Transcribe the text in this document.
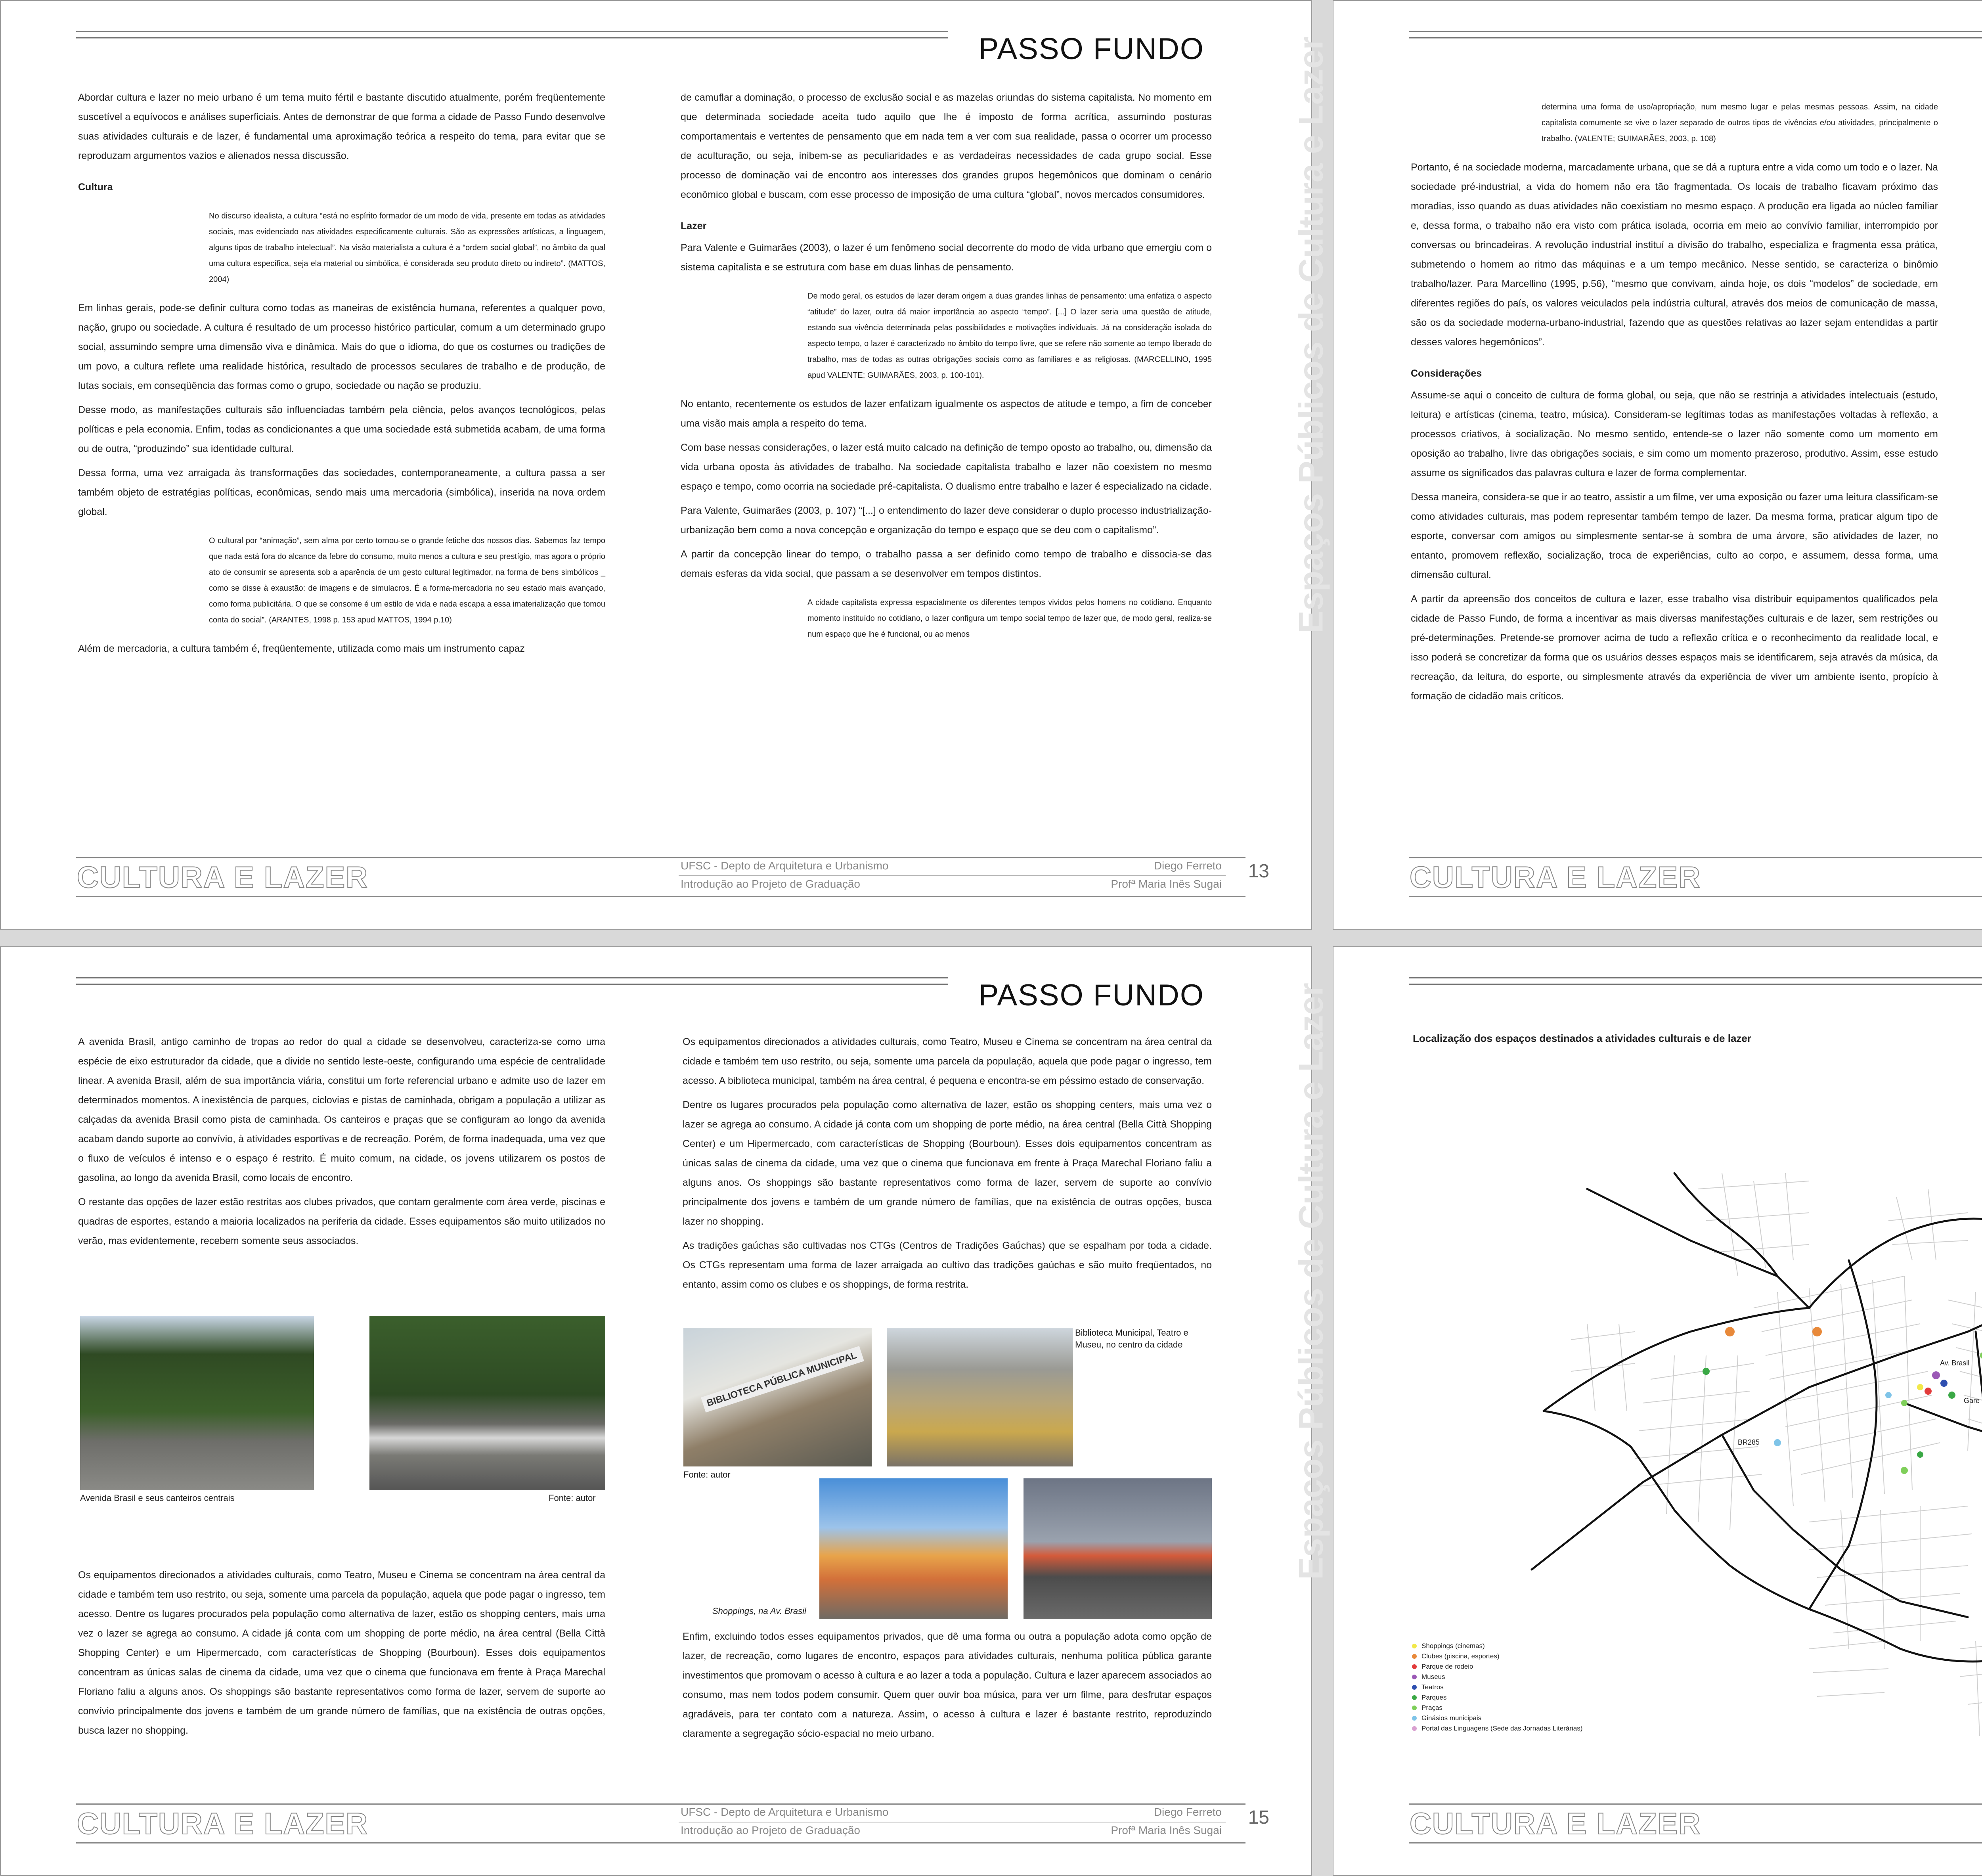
PASSO FUNDO	Espaços Públicos de Cultura e Lazer

Abordar cultura e lazer no meio urbano é um tema muito fértil e bastante discutido atualmente, porém freqüentemente suscetível a equívocos e análises superficiais. Antes de demonstrar de que forma a cidade de Passo Fundo desenvolve suas atividades culturais e de lazer, é fundamental uma aproximação teórica a respeito do tema, para evitar que se reproduzam argumentos vazios e alienados nessa discussão.

Cultura

No discurso idealista, a cultura “está no espírito formador de um modo de vida, presente em todas as atividades sociais, mas evidenciado nas atividades especificamente culturais. São as expressões artísticas, a linguagem, alguns tipos de trabalho intelectual”. Na visão materialista a cultura é a “ordem social global”, no âmbito da qual uma cultura específica, seja ela material ou simbólica, é considerada seu produto direto ou indireto”. (MATTOS, 2004)

Em linhas gerais, pode-se definir cultura como todas as maneiras de existência humana, referentes a qualquer povo, nação, grupo ou sociedade. A cultura é resultado de um processo histórico particular, comum a um determinado grupo social, assumindo sempre uma dimensão viva e dinâmica. Mais do que o idioma, do que os costumes ou tradições de um povo, a cultura reflete uma realidade histórica, resultado de processos seculares de trabalho e de produção, de lutas sociais, em conseqüência das formas como o grupo, sociedade ou nação se produziu.

Desse modo, as manifestações culturais são influenciadas também pela ciência, pelos avanços tecnológicos, pelas políticas e pela economia. Enfim, todas as condicionantes a que uma sociedade está submetida acabam, de uma forma ou de outra, “produzindo” sua identidade cultural.

Dessa forma, uma vez arraigada às transformações das sociedades, contemporaneamente, a cultura passa a ser também objeto de estratégias políticas, econômicas, sendo mais uma mercadoria (simbólica), inserida na nova ordem global.

O cultural por “animação”, sem alma por certo tornou-se o grande fetiche dos nossos dias. Sabemos faz tempo que nada está fora do alcance da febre do consumo, muito menos a cultura e seu prestígio, mas agora o próprio ato de consumir se apresenta sob a aparência de um gesto cultural legitimador, na forma de bens simbólicos _ como se disse à exaustão: de imagens e de simulacros. É a forma-mercadoria no seu estado mais avançado, como forma publicitária. O que se consome é um estilo de vida e nada escapa a essa imaterialização que tomou conta do social”. (ARANTES, 1998 p. 153 apud MATTOS, 1994 p.10)

Além de mercadoria, a cultura também é, freqüentemente, utilizada como mais um instrumento capaz

de camuflar a dominação, o processo de exclusão social e as mazelas oriundas do sistema capitalista. No momento em que determinada sociedade aceita tudo aquilo que lhe é imposto de forma acrítica, assumindo posturas comportamentais e vertentes de pensamento que em nada tem a ver com sua realidade, passa o ocorrer um processo de aculturação, ou seja, inibem-se as peculiaridades e as verdadeiras necessidades de cada grupo social. Esse processo de dominação vai de encontro aos interesses dos grandes grupos hegemônicos que dominam o cenário econômico global e buscam, com esse processo de imposição de uma cultura “global”, novos mercados consumidores.

Lazer

Para Valente e Guimarães (2003), o lazer é um fenômeno social decorrente do modo de vida urbano que emergiu com o sistema capitalista e se estrutura com base em duas linhas de pensamento.

De modo geral, os estudos de lazer deram origem a duas grandes linhas de pensamento: uma enfatiza o aspecto “atitude” do lazer, outra dá maior importância ao aspecto “tempo”. [...] O lazer seria uma questão de atitude, estando sua vivência determinada pelas possibilidades e motivações individuais. Já na consideração isolada do aspecto tempo, o lazer é caracterizado no âmbito do tempo livre, que se refere não somente ao tempo liberado do trabalho, mas de todas as outras obrigações sociais como as familiares e as religiosas. (MARCELLINO, 1995 apud VALENTE; GUIMARÃES, 2003, p. 100-101).

No entanto, recentemente os estudos de lazer enfatizam igualmente os aspectos de atitude e tempo, a fim de conceber uma visão mais ampla a respeito do tema.

Com base nessas considerações, o lazer está muito calcado na definição de tempo oposto ao trabalho, ou, dimensão da vida urbana oposta às atividades de trabalho. Na sociedade capitalista trabalho e lazer não coexistem no mesmo espaço e tempo, como ocorria na sociedade pré-capitalista. O dualismo entre trabalho e lazer é especializado na cidade.

Para Valente, Guimarães (2003, p. 107) “[...] o entendimento do lazer deve considerar o duplo processo industrialização-urbanização bem como a nova concepção e organização do tempo e espaço que se deu com o capitalismo”.

A partir da concepção linear do tempo, o trabalho passa a ser definido como tempo de trabalho e dissocia-se das demais esferas da vida social, que passam a se desenvolver em tempos distintos.

A cidade capitalista expressa espacialmente os diferentes tempos vividos pelos homens no cotidiano. Enquanto momento instituído no cotidiano, o lazer configura um tempo social tempo de lazer que, de modo geral, realiza-se num espaço que lhe é funcional, ou ao menos

CULTURA E LAZER	UFSC - Depto de Arquitetura e Urbanismo
Introdução ao Projeto de Graduação
Diego Ferreto
Profª Maria Inês Sugai
13

determina uma forma de uso/apropriação, num mesmo lugar e pelas mesmas pessoas. Assim, na cidade capitalista comumente se vive o lazer separado de outros tipos de vivências e/ou atividades, principalmente o trabalho. (VALENTE; GUIMARÃES, 2003, p. 108)

Portanto, é na sociedade moderna, marcadamente urbana, que se dá a ruptura entre a vida como um todo e o lazer. Na sociedade pré-industrial, a vida do homem não era tão fragmentada. Os locais de trabalho ficavam próximo das moradias, isso quando as duas atividades não coexistiam no mesmo espaço. A produção era ligada ao núcleo familiar e, dessa forma, o trabalho não era visto com prática isolada, ocorria em meio ao convívio familiar, interrompido por conversas ou brincadeiras. A revolução industrial instituí a divisão do trabalho, especializa e fragmenta essa prática, submetendo o homem ao ritmo das máquinas e a um tempo mecânico. Nesse sentido, se caracteriza o binômio trabalho/lazer. Para Marcellino (1995, p.56), “mesmo que convivam, ainda hoje, os dois “modelos” de sociedade, em diferentes regiões do país, os valores veiculados pela indústria cultural, através dos meios de comunicação de massa, são os da sociedade moderna-urbano-industrial, fazendo que as questões relativas ao lazer sejam entendidas a partir desses valores hegemônicos”.

Considerações

Assume-se aqui o conceito de cultura de forma global, ou seja, que não se restrinja a atividades intelectuais (estudo, leitura) e artísticas (cinema, teatro, música). Consideram-se legítimas todas as manifestações voltadas à reflexão, a processos criativos, à socialização. No mesmo sentido, entende-se o lazer não somente como um momento em oposição ao trabalho, livre das obrigações sociais, e sim como um momento prazeroso, produtivo. Assim, esse estudo assume os significados das palavras cultura e lazer de forma complementar.

Dessa maneira, considera-se que ir ao teatro, assistir a um filme, ver uma exposição ou fazer uma leitura classificam-se como atividades culturais, mas podem representar também tempo de lazer. Da mesma forma, praticar algum tipo de esporte, conversar com amigos ou simplesmente sentar-se à sombra de uma árvore, são atividades de lazer, no entanto, promovem reflexão, socialização, troca de experiências, culto ao corpo, e assumem, dessa forma, uma dimensão cultural.

A partir da apreensão dos conceitos de cultura e lazer, esse trabalho visa distribuir equipamentos qualificados pela cidade de Passo Fundo, de forma a incentivar as mais diversas manifestações culturais e de lazer, sem restrições ou pré-determinações. Pretende-se promover acima de tudo a reflexão crítica e o reconhecimento da realidade local, e isso poderá se concretizar da forma que os usuários desses espaços mais se identificarem, seja através da música, da recreação, da leitura, do esporte, ou simplesmente através da experiência de viver um ambiente isento, propício à formação de cidadão mais críticos.

CULTURA E LAZER
PASSO FUNDO	Espaços Públicos de Cultura e Lazer

A avenida Brasil, antigo caminho de tropas ao redor do qual a cidade se desenvolveu, caracteriza-se como uma espécie de eixo estruturador da cidade, que a divide no sentido leste-oeste, configurando uma espécie de centralidade linear. A avenida Brasil, além de sua importância viária, constitui um forte referencial urbano e admite uso de lazer em determinados momentos. A inexistência de parques, ciclovias e pistas de caminhada, obrigam a população a utilizar as calçadas da avenida Brasil como pista de caminhada. Os canteiros e praças que se configuram ao longo da avenida acabam dando suporte ao convívio, à atividades esportivas e de recreação. Porém, de forma inadequada, uma vez que o fluxo de veículos é intenso e o espaço é restrito. É muito comum, na cidade, os jovens utilizarem os postos de gasolina, ao longo da avenida Brasil, como locais de encontro.

O restante das opções de lazer estão restritas aos clubes privados, que contam geralmente com área verde, piscinas e quadras de esportes, estando a maioria localizados na periferia da cidade. Esses equipamentos são muito utilizados no verão, mas evidentemente, recebem somente seus associados.

Avenida Brasil e seus canteiros centrais	Fonte: autor

Os equipamentos direcionados a atividades culturais, como Teatro, Museu e Cinema se concentram na área central da cidade e também tem uso restrito, ou seja, somente uma parcela da população, aquela que pode pagar o ingresso, tem acesso. Dentre os lugares procurados pela população como alternativa de lazer, estão os shopping centers, mais uma vez o lazer se agrega ao consumo. A cidade já conta com um shopping de porte médio, na área central (Bella Città Shopping Center) e um Hipermercado, com características de Shopping (Bourboun). Esses dois equipamentos concentram as únicas salas de cinema da cidade, uma vez que o cinema que funcionava em frente à Praça Marechal Floriano faliu a alguns anos. Os shoppings são bastante representativos como forma de lazer, servem de suporte ao convívio principalmente dos jovens e também de um grande número de famílias, que na existência de outras opções, busca lazer no shopping.

Os equipamentos direcionados a atividades culturais, como Teatro, Museu e Cinema se concentram na área central da cidade e também tem uso restrito, ou seja, somente uma parcela da população, aquela que pode pagar o ingresso, tem acesso. A biblioteca municipal, também na área central, é pequena e encontra-se em péssimo estado de conservação.

Dentre os lugares procurados pela população como alternativa de lazer, estão os shopping centers, mais uma vez o lazer se agrega ao consumo. A cidade já conta com um shopping de porte médio, na área central (Bella Città Shopping Center) e um Hipermercado, com características de Shopping (Bourboun). Esses dois equipamentos concentram as únicas salas de cinema da cidade, uma vez que o cinema que funcionava em frente à Praça Marechal Floriano faliu a alguns anos. Os shoppings são bastante representativos como forma de lazer, servem de suporte ao convívio principalmente dos jovens e também de um grande número de famílias, que na existência de outras opções, busca lazer no shopping.

As tradições gaúchas são cultivadas nos CTGs (Centros de Tradições Gaúchas) que se espalham por toda a cidade. Os CTGs representam uma forma de lazer arraigada ao cultivo das tradições gaúchas e são muito freqüentados, no entanto, assim como os clubes e os shoppings, de forma restrita.

BIBLIOTECA PÚBLICA MUNICIPAL
Biblioteca Municipal, Teatro e Museu, no centro da cidade
Fonte: autor
Shoppings, na Av. Brasil

Enfim, excluindo todos esses equipamentos privados, que dê uma forma ou outra a população adota como opção de lazer, de recreação, como lugares de encontro, espaços para atividades culturais, nenhuma política pública garante investimentos que promovam o acesso à cultura e ao lazer a toda a população. Cultura e lazer aparecem associados ao consumo, mas nem todos podem consumir. Quem quer ouvir boa música, para ver um filme, para desfrutar espaços agradáveis, para ter contato com a natureza. Assim, o acesso à cultura e lazer é bastante restrito, reproduzindo claramente a segregação sócio-espacial no meio urbano.

CULTURA E LAZER	UFSC - Depto de Arquitetura e Urbanismo
Introdução ao Projeto de Graduação
Diego Ferreto
Profª Maria Inês Sugai
15
Localização dos espaços destinados a atividades culturais e de lazer
Gare
Av. Brasil
BR285
Shoppings (cinemas)
Clubes (piscina, esportes)
Parque de rodeio
Museus
Teatros
Parques
Praças
Ginásios municipais
Portal das Linguagens (Sede das Jornadas Literárias)
CULTURA E LAZER
